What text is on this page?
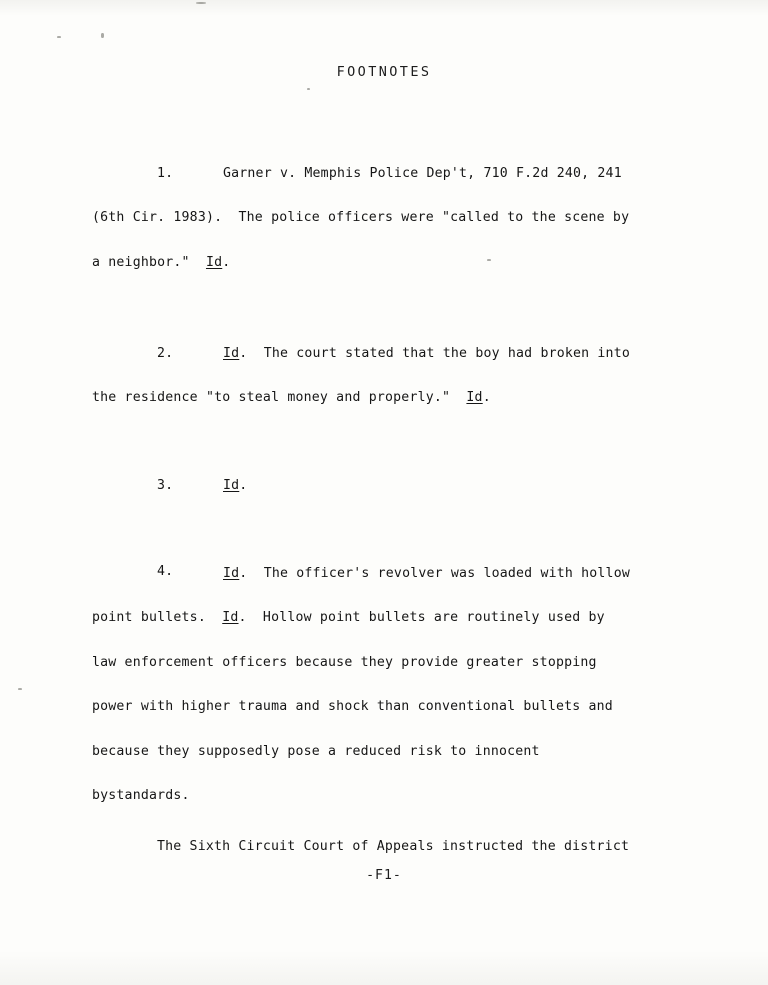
FOOTNOTES
1.	Garner v. Memphis Police Dep't, 710 F.2d 240, 241
(6th Cir. 1983).  The police officers were "called to the scene by
a neighbor."  Id.
2.	Id.  The court stated that the boy had broken into
the residence "to steal money and properly."  Id.
3.	Id.
4.	Id.  The officer's revolver was loaded with hollow
point bullets.  Id.  Hollow point bullets are routinely used by
law enforcement officers because they provide greater stopping
power with higher trauma and shock than conventional bullets and
because they supposedly pose a reduced risk to innocent
bystandards.
The Sixth Circuit Court of Appeals instructed the district
-F1-
